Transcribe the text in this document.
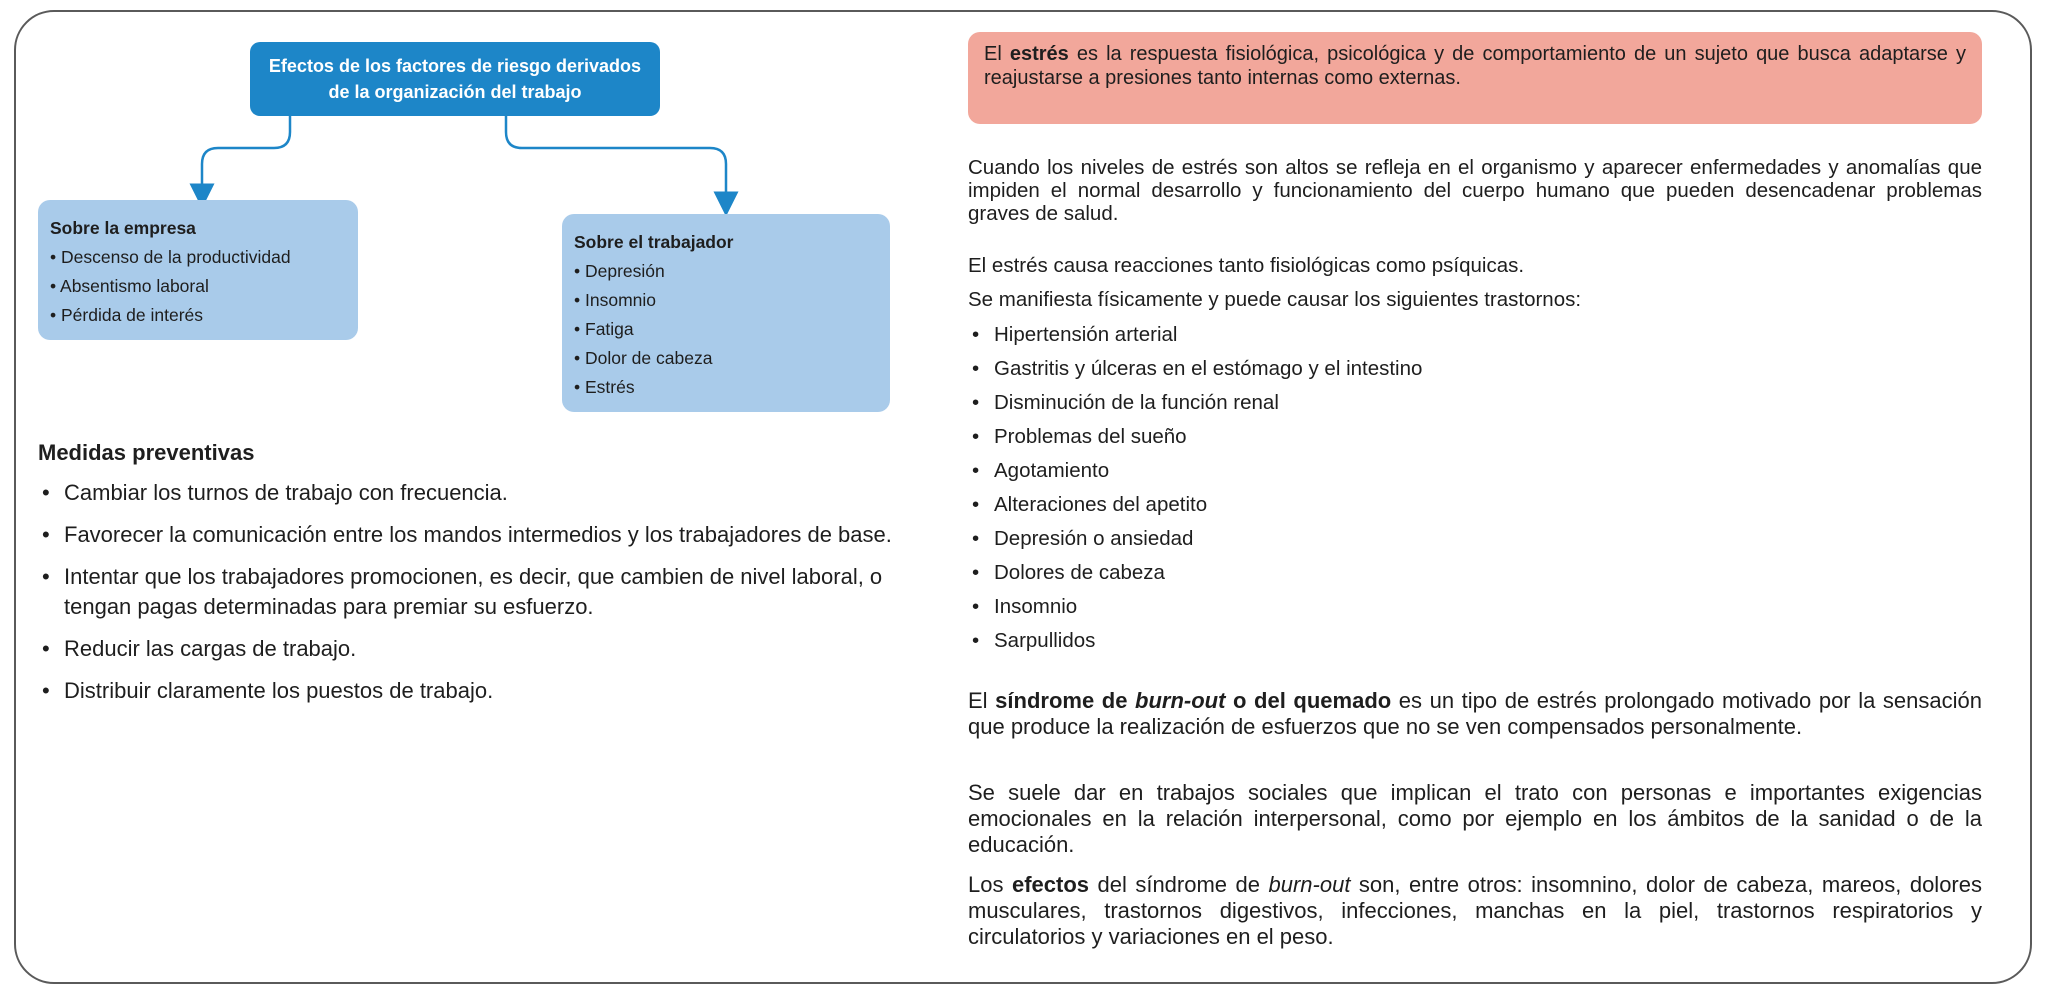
Efectos de los factores de riesgo derivados
de la organización del trabajo
Sobre la empresa
• Descenso de la productividad
• Absentismo laboral
• Pérdida de interés
Sobre el trabajador
• Depresión
• Insomnio
• Fatiga
• Dolor de cabeza
• Estrés
Medidas preventivas
• Cambiar los turnos de trabajo con frecuencia.
• Favorecer la comunicación entre los mandos intermedios y los trabajadores de base.
• Intentar que los trabajadores promocionen, es decir, que cambien de nivel laboral, o tengan pagas determinadas para premiar su esfuerzo.
• Reducir las cargas de trabajo.
• Distribuir claramente los puestos de trabajo.
El estrés es la respuesta fisiológica, psicológica y de comportamiento de un sujeto que busca adaptarse y reajustarse a presiones tanto internas como externas.

Cuando los niveles de estrés son altos se refleja en el organismo y aparecer enfermedades y anomalías que impiden el normal desarrollo y funcionamiento del cuerpo humano que pueden desencadenar problemas graves de salud.

El estrés causa reacciones tanto fisiológicas como psíquicas.

Se manifiesta físicamente y puede causar los siguientes trastornos:

• Hipertensión arterial
• Gastritis y úlceras en el estómago y el intestino
• Disminución de la función renal
• Problemas del sueño
• Agotamiento
• Alteraciones del apetito
• Depresión o ansiedad
• Dolores de cabeza
• Insomnio
• Sarpullidos

El síndrome de burn-out o del quemado es un tipo de estrés prolongado motivado por la sensación que produce la realización de esfuerzos que no se ven compensados personalmente.

Se suele dar en trabajos sociales que implican el trato con personas e importantes exigencias emocionales en la relación interpersonal, como por ejemplo en los ámbitos de la sanidad o de la educación.

Los efectos del síndrome de burn-out son, entre otros: insomnino, dolor de cabeza, mareos, dolores musculares, trastornos digestivos, infecciones, manchas en la piel, trastornos respiratorios y circulatorios y variaciones en el peso.
